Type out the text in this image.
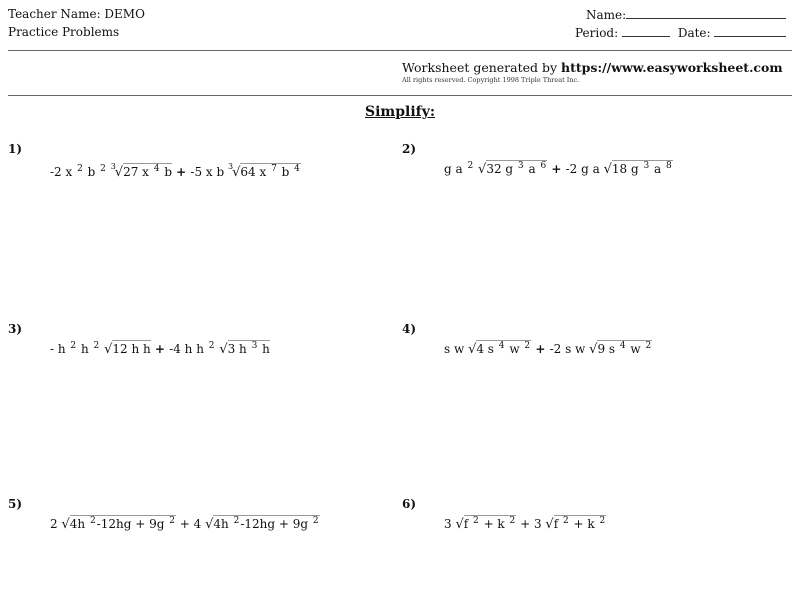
Teacher Name: DEMO
Practice Problems
Name:
Period:	Date:
Worksheet generated by https://www.easyworksheet.com
All rights reserved. Copyright 1998 Triple Threat Inc.
Simplify:
1)
-2 x $^2$ b $^2$ $^3$√27 x $^4$ b + -5 x b $^3$√64 x $^7$ b $^4$
2)
g a $^2$ √32 g $^3$ a $^6$ + -2 g a √18 g $^3$ a $^8$
3)
- h $^2$ h $^2$ √12 h h + -4 h h $^2$ √3 h $^3$ h
4)
s w √4 s $^4$ w $^2$ + -2 s w √9 s $^4$ w $^2$
5)
2 √4h $^2$-12hg + 9g $^2$ + 4 √4h $^2$-12hg + 9g $^2$
6)
3 √f $^2$ + k $^2$ + 3 √f $^2$ + k $^2$
